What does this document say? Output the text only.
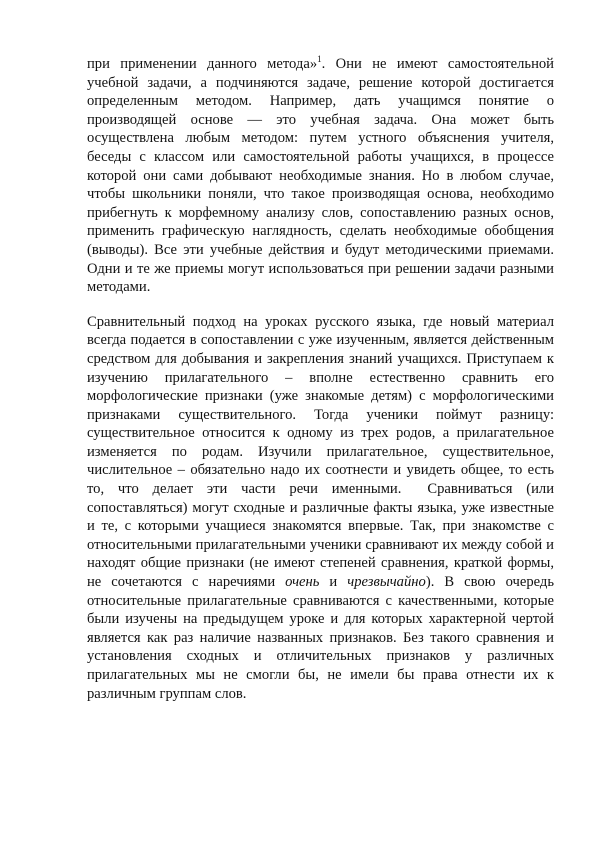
при применении данного метода»$^1$. Они не имеют самостоятельной учебной задачи, а подчиняются задаче, решение которой достигается определенным методом. Например, дать учащимся понятие о производящей основе — это учебная задача. Она может быть осуществлена любым методом: путем устного объяснения учителя, беседы с классом или самостоятельной работы учащихся, в процессе которой они сами добывают необходимые знания. Но в любом случае, чтобы школьники поняли, что такое производящая основа, необходимо прибегнуть к морфемному анализу слов, сопоставлению разных основ, применить графическую наглядность, сделать необходимые обобщения (выводы). Все эти учебные действия и будут методическими приемами. Одни и те же приемы могут использоваться при решении задачи разными методами.

Сравнительный подход на уроках русского языка, где новый материал всегда подается в сопоставлении с уже изученным, является действенным средством для добывания и закрепления знаний учащихся. Приступаем к изучению прилагательного – вполне естественно сравнить его морфологические признаки (уже знакомые детям) с морфологическими признаками существительного. Тогда ученики поймут разницу: существительное относится к одному из трех родов, а прилагательное изменяется по родам. Изучили прилагательное, существительное, числительное – обязательно надо их соотнести и увидеть общее, то есть то, что делает эти части речи именными. Сравниваться (или сопоставляться) могут сходные и различные факты языка, уже известные и те, с которыми учащиеся знакомятся впервые. Так, при знакомстве с относительными прилагательными ученики сравнивают их между собой и находят общие признаки (не имеют степеней сравнения, краткой формы, не сочетаются с наречиями очень и чрезвычайно). В свою очередь относительные прилагательные сравниваются с качественными, которые были изучены на предыдущем уроке и для которых характерной чертой является как раз наличие названных признаков. Без такого сравнения и установления сходных и отличительных признаков у различных прилагательных мы не смогли бы, не имели бы права отнести их к различным группам слов.
